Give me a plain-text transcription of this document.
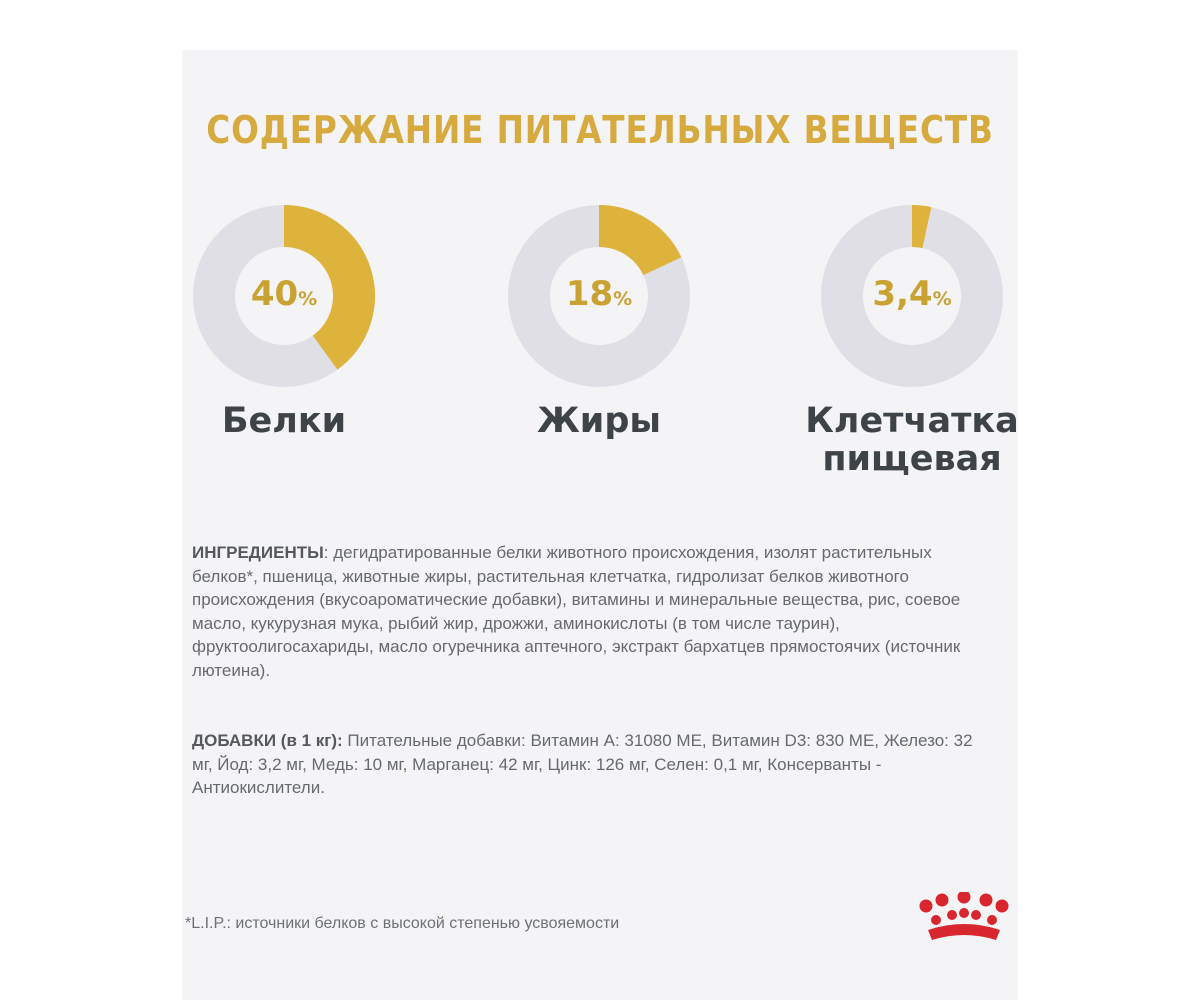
СОДЕРЖАНИЕ ПИТАТЕЛЬНЫХ ВЕЩЕСТВ
40%
Белки
18%
Жиры
3,4%
Клетчатка
пищевая
ИНГРЕДИЕНТЫ: дегидратированные белки животного происхождения, изолят растительных белков*, пшеница, животные жиры, растительная клетчатка, гидролизат белков животного происхождения (вкусоароматические добавки), витамины и минеральные вещества, рис, соевое масло, кукурузная мука, рыбий жир, дрожжи, аминокислоты (в том числе таурин), фруктоолигосахариды, масло огуречника аптечного, экстракт бархатцев прямостоячих (источник лютеина).
ДОБАВКИ (в 1 кг): Питательные добавки: Витамин А: 31080 МЕ, Витамин D3: 830 МЕ, Железо: 32 мг, Йод: 3,2 мг, Медь: 10 мг, Марганец: 42 мг, Цинк: 126 мг, Селен: 0,1 мг, Консерванты - Антиокислители.
*L.I.P.: источники белков с высокой степенью усвояемости
